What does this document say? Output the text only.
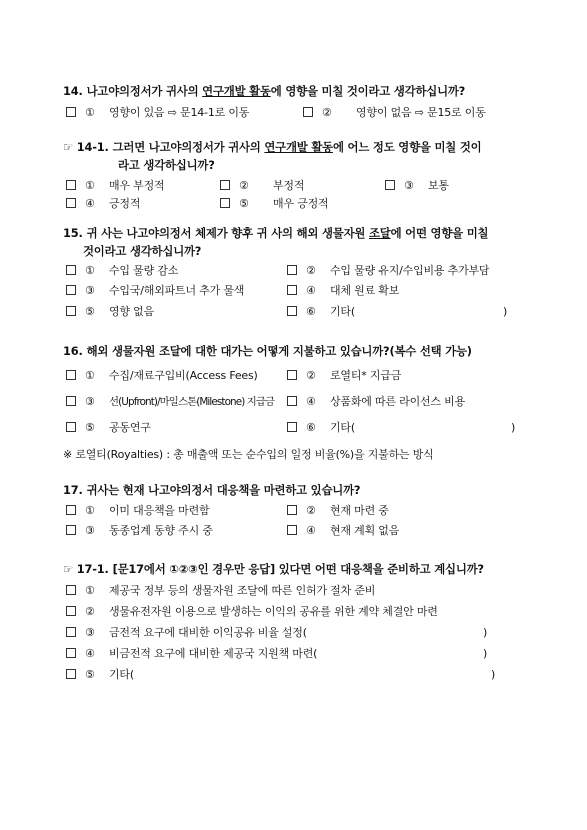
14. 나고야의정서가 귀사의 연구개발 활동에 영향을 미칠 것이라고 생각하십니까?
① 영향이 있음 ⇨ 문14-1로 이동	② 영향이 없음 ⇨ 문15로 이동
☞ 14-1. 그러면 나고야의정서가 귀사의 연구개발 활동에 어느 정도 영향을 미칠 것이
라고 생각하십니까?
① 매우 부정적	② 부정적	③ 보통
④ 긍정적	⑤ 매우 긍정적
15. 귀 사는 나고야의정서 체제가 향후 귀 사의 해외 생물자원 조달에 어떤 영향을 미칠
것이라고 생각하십니까?
① 수입 물량 감소	② 수입 물량 유지/수입비용 추가부담
③ 수입국/해외파트너 추가 물색	④ 대체 원료 확보
⑤ 영향 없음	⑥ 기타(	)
16. 해외 생물자원 조달에 대한 대가는 어떻게 지불하고 있습니까?(복수 선택 가능)
① 수집/재료구입비(Access Fees)	② 로열티* 지급금
③ 선(Upfront)/마일스톤(Milestone) 지급금	④ 상품화에 따른 라이선스 비용
⑤ 공동연구	⑥ 기타(	)
※ 로열티(Royalties) : 총 매출액 또는 순수입의 일정 비율(%)을 지불하는 방식
17. 귀사는 현재 나고야의정서 대응책을 마련하고 있습니까?
① 이미 대응책을 마련함	② 현재 마련 중
③ 동종업계 동향 주시 중	④ 현재 계획 없음
☞ 17-1. [문17에서 ①②③인 경우만 응답] 있다면 어떤 대응책을 준비하고 계십니까?
① 제공국 정부 등의 생물자원 조달에 따른 인허가 절차 준비
② 생물유전자원 이용으로 발생하는 이익의 공유를 위한 계약 체결안 마련
③ 금전적 요구에 대비한 이익공유 비율 설정(	)
④ 비금전적 요구에 대비한 제공국 지원책 마련(	)
⑤ 기타(	)
